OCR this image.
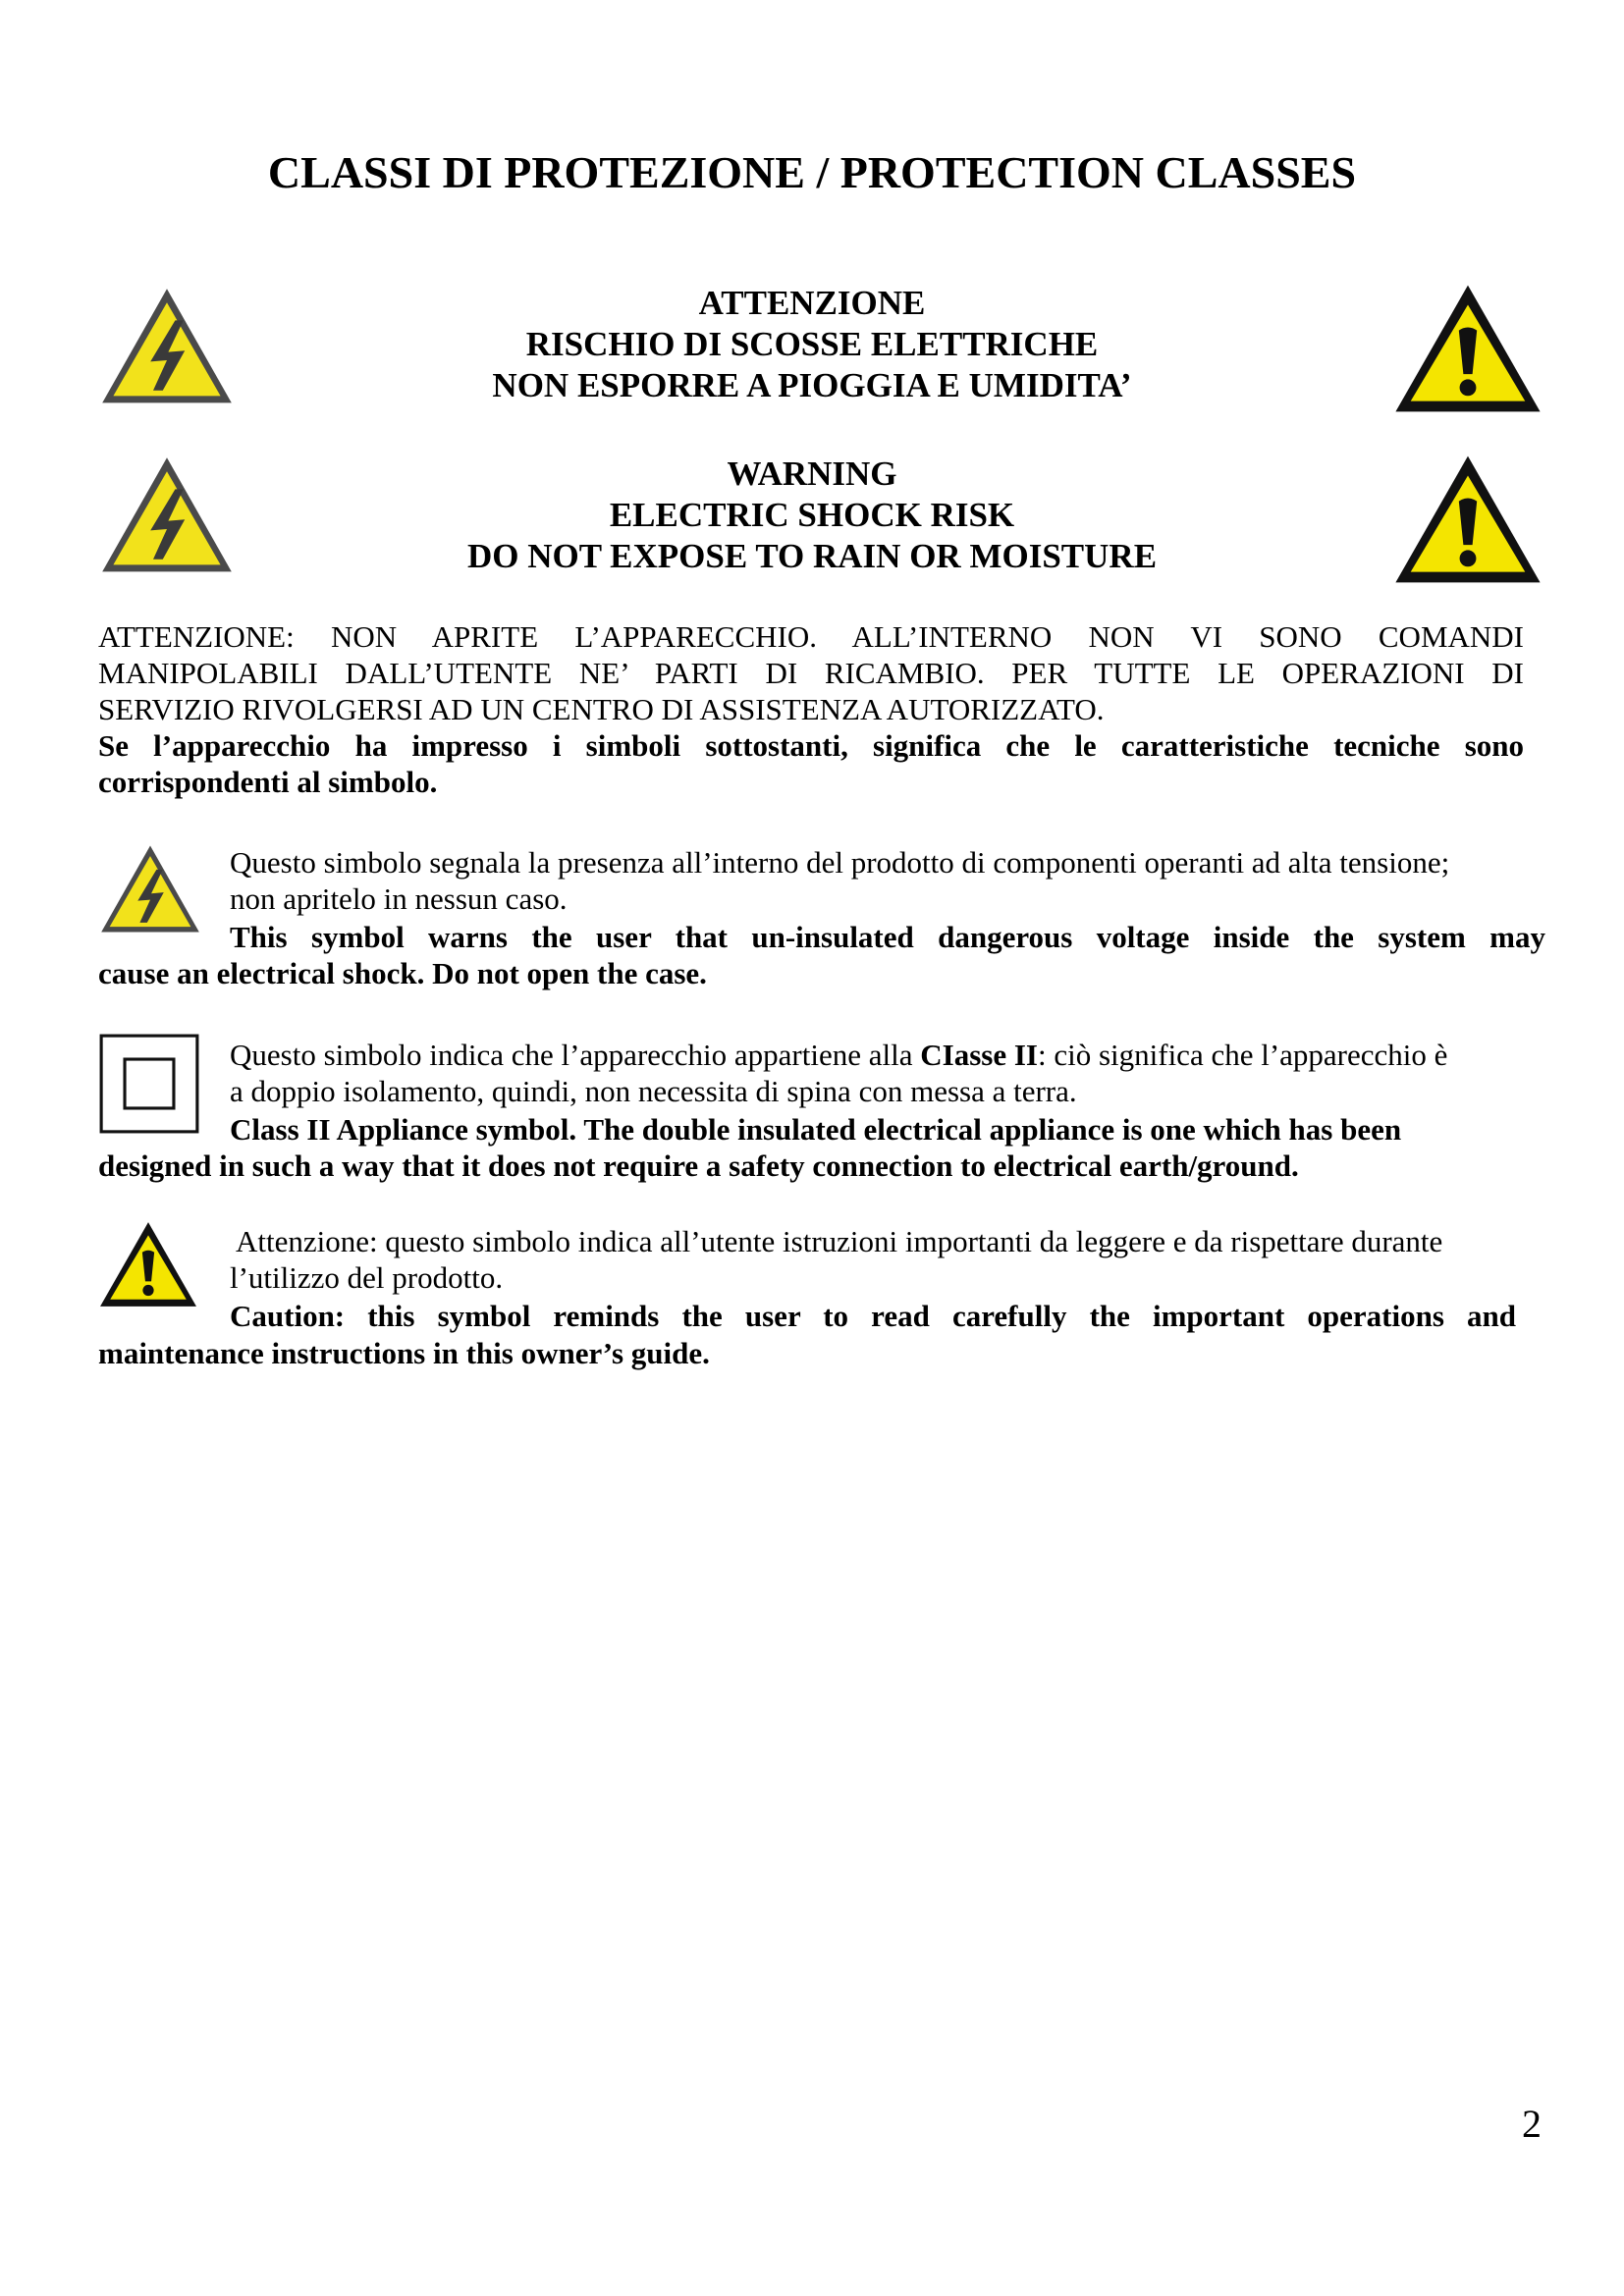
CLASSI DI PROTEZIONE / PROTECTION CLASSES
ATTENZIONE
RISCHIO DI SCOSSE ELETTRICHE
NON ESPORRE A PIOGGIA E UMIDITA’
WARNING
ELECTRIC SHOCK RISK
DO NOT EXPOSE TO RAIN OR MOISTURE
ATTENZIONE: NON APRITE L’APPARECCHIO. ALL’INTERNO NON VI SONO COMANDI
MANIPOLABILI DALL’UTENTE NE’ PARTI DI RICAMBIO. PER TUTTE LE OPERAZIONI DI
SERVIZIO RIVOLGERSI AD UN CENTRO DI ASSISTENZA AUTORIZZATO.
Se l’apparecchio ha impresso i simboli sottostanti, significa che le caratteristiche tecniche sono
corrispondenti al simbolo.
Questo simbolo segnala la presenza all’interno del prodotto di componenti operanti ad alta tensione;
non apritelo in nessun caso.
This symbol warns the user that un-insulated dangerous voltage inside the system may
cause an electrical shock. Do not open the case.
Questo simbolo indica che l’apparecchio appartiene alla CIasse II: ciò significa che l’apparecchio è
a doppio isolamento, quindi, non necessita di spina con messa a terra.
Class II Appliance symbol. The double insulated electrical appliance is one which has been
designed in such a way that it does not require a safety connection to electrical earth/ground.
Attenzione: questo simbolo indica all’utente istruzioni importanti da leggere e da rispettare durante
l’utilizzo del prodotto.
Caution: this symbol reminds the user to read carefully the important operations and
maintenance instructions in this owner’s guide.
2
